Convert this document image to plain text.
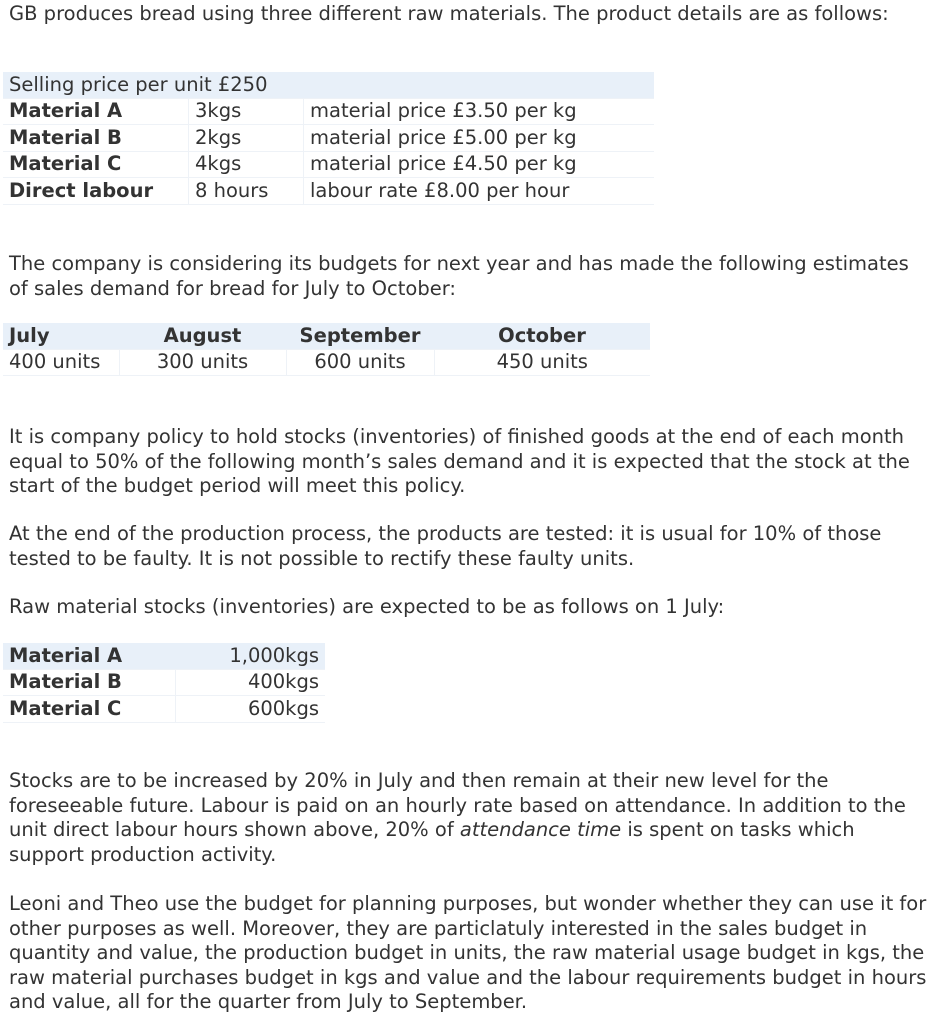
GB produces bread using three different raw materials. The product details are as follows:

Selling price per unit £250		
Material A	3kgs	material price £3.50 per kg
Material B	2kgs	material price £5.00 per kg
Material C	4kgs	material price £4.50 per kg
Direct labour	8 hours	labour rate £8.00 per hour

The company is considering its budgets for next year and has made the following estimates of sales demand for bread for July to October:

July	August	September	October
400 units	300 units	600 units	450 units

It is company policy to hold stocks (inventories) of finished goods at the end of each month equal to 50% of the following month’s sales demand and it is expected that the stock at the start of the budget period will meet this policy.

At the end of the production process, the products are tested: it is usual for 10% of those tested to be faulty. It is not possible to rectify these faulty units.

Raw material stocks (inventories) are expected to be as follows on 1 July:

Material A	1,000kgs
Material B	400kgs
Material C	600kgs

Stocks are to be increased by 20% in July and then remain at their new level for the foreseeable future. Labour is paid on an hourly rate based on attendance. In addition to the unit direct labour hours shown above, 20% of attendance time is spent on tasks which support production activity.

Leoni and Theo use the budget for planning purposes, but wonder whether they can use it for other purposes as well. Moreover, they are particlatuly interested in the sales budget in quantity and value, the production budget in units, the raw material usage budget in kgs, the raw material purchases budget in kgs and value and the labour requirements budget in hours and value, all for the quarter from July to September.
